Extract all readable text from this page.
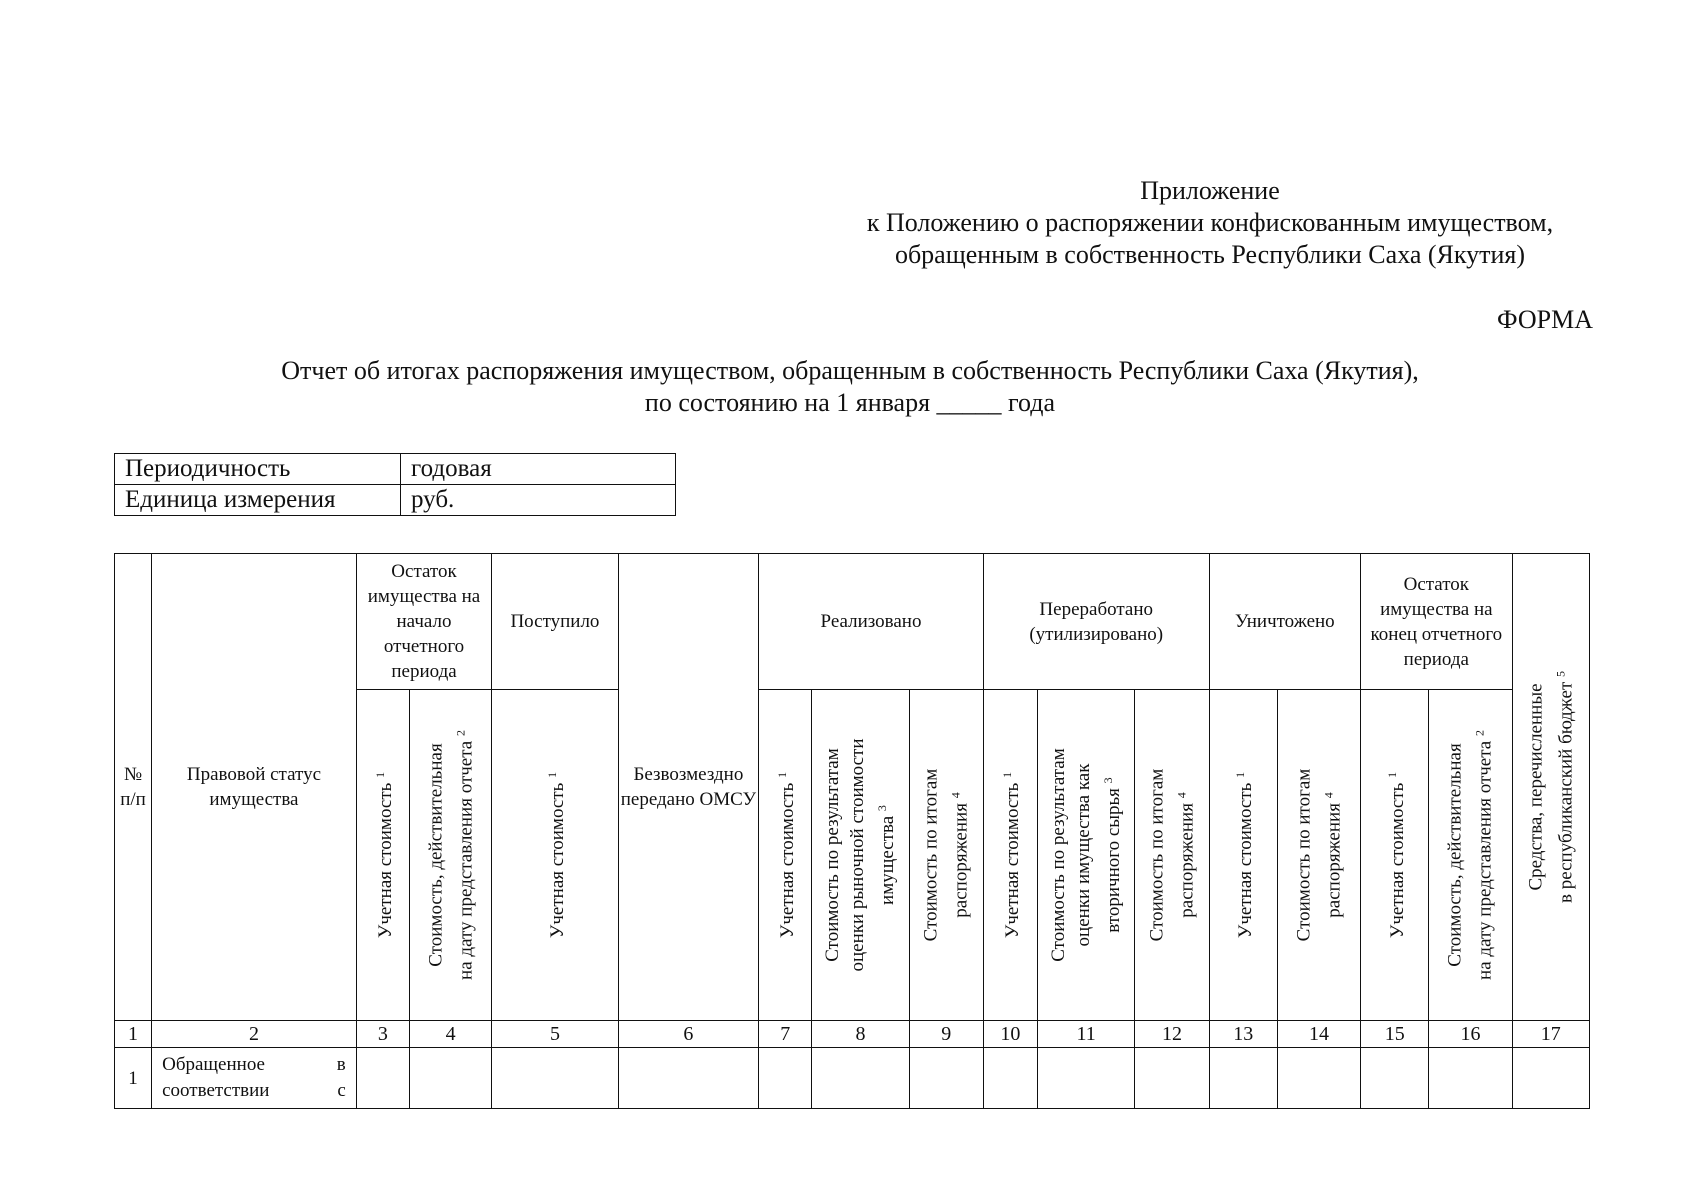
Приложение
к Положению о распоряжении конфискованным имуществом,
обращенным в собственность Республики Саха (Якутия)
ФОРМА
Отчет об итогах распоряжения имуществом, обращенным в собственность Республики Саха (Якутия),
по состоянию на 1 января _____ года
Периодичность	годовая
Единица измерения	руб.
№ п/п	Правовой статус имущества	Остаток имущества на начало отчетного периода		Поступило	Безвозмездно передано ОМСУ	Реализовано			Переработано (утилизировано)			Уничтожено		Остаток имущества на конец отчетного периода		Средства, перечисленные в республиканский бюджет $^5$

		Учетная стоимость $^1$	Стоимость, действительная на дату представления отчета $^2$	Учетная стоимость $^1$		Учетная стоимость $^1$	Стоимость по результатам оценки рыночной стоимости имущества $^3$	Стоимость по итогам распоряжения $^4$	Учетная стоимость $^1$	Стоимость по результатам оценки имущества как вторичного сырья $^3$	Стоимость по итогам распоряжения $^4$	Учетная стоимость $^1$	Стоимость по итогам распоряжения $^4$	Учетная стоимость $^1$	Стоимость, действительная на дату представления отчета $^2$

1	2	3	4	5	6	7	8	9	10	11	12	13	14	15	16	17
1	Обращенное в соответствии с															
